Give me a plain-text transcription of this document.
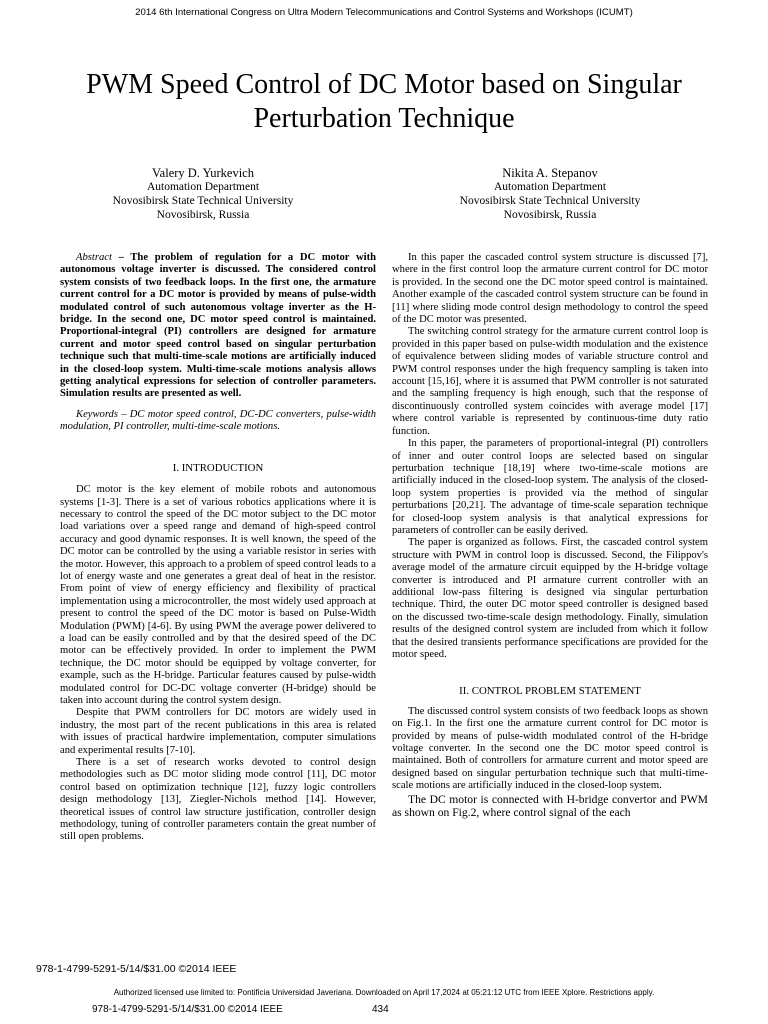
2014 6th International Congress on Ultra Modern Telecommunications and Control Systems and Workshops (ICUMT)
PWM Speed Control of DC Motor based on Singular Perturbation Technique
Valery D. Yurkevich
Automation Department
Novosibirsk State Technical University
Novosibirsk, Russia
Nikita A. Stepanov
Automation Department
Novosibirsk State Technical University
Novosibirsk, Russia

Abstract – The problem of regulation for a DC motor with autonomous voltage inverter is discussed. The considered control system consists of two feedback loops. In the first one, the armature current control for a DC motor is provided by means of pulse-width modulated control of such autonomous voltage inverter as the H-bridge. In the second one, DC motor speed control is maintained. Proportional-integral (PI) controllers are designed for armature current and motor speed control based on singular perturbation technique such that multi-time-scale motions are artificially induced in the closed-loop system. Multi-time-scale motions analysis allows getting analytical expressions for selection of controller parameters. Simulation results are presented as well.

Keywords – DC motor speed control, DC-DC converters, pulse-width modulation, PI controller, multi-time-scale motions.

I. INTRODUCTION

DC motor is the key element of mobile robots and autonomous systems [1-3]. There is a set of various robotics applications where it is necessary to control the speed of the DC motor subject to the DC motor load variations over a speed range and demand of high-speed control accuracy and good dynamic responses. It is well known, the speed of the DC motor can be controlled by the using a variable resistor in series with the motor. However, this approach to a problem of speed control leads to a lot of energy waste and one generates a great deal of heat in the resistor. From point of view of energy efficiency and flexibility of practical implementation using a microcontroller, the most widely used approach at present to control the speed of the DC motor is based on Pulse-Width Modulation (PWM) [4-6]. By using PWM the average power delivered to a load can be easily controlled and by that the desired speed of the DC motor can be effectively provided. In order to implement the PWM technique, the DC motor should be equipped by voltage converter, for example, such as the H-bridge. Particular features caused by pulse-width modulated control for DC-DC voltage converter (H-bridge) should be taken into account during the control system design.

Despite that PWM controllers for DC motors are widely used in industry, the most part of the recent publications in this area is related with issues of practical hardwire implementation, computer simulations and experimental results [7-10].

There is a set of research works devoted to control design methodologies such as DC motor sliding mode control [11], DC motor control based on optimization technique [12], fuzzy logic controllers design methodology [13], Ziegler-Nichols method [14]. However, theoretical issues of control law structure justification, controller design methodology, tuning of controller parameters contain the great number of still open problems.

In this paper the cascaded control system structure is discussed [7], where in the first control loop the armature current control for DC motor is provided. In the second one the DC motor speed control is maintained. Another example of the cascaded control system structure can be found in [11] where sliding mode control design methodology to control the speed of the DC motor was presented.

The switching control strategy for the armature current control loop is provided in this paper based on pulse-width modulation and the existence of equivalence between sliding modes of variable structure control and PWM control responses under the high frequency sampling is taken into account [15,16], where it is assumed that PWM controller is not saturated and the sampling frequency is high enough, such that the response of discontinuously controlled system coincides with average model [17] where control variable is represented by continuous-time duty ratio function.

In this paper, the parameters of proportional-integral (PI) controllers of inner and outer control loops are selected based on singular perturbation technique [18,19] where two-time-scale motions are artificially induced in the closed-loop system. The analysis of the closed-loop system properties is provided via the method of singular perturbations [20,21]. The advantage of time-scale separation technique for closed-loop system analysis is that analytical expressions for parameters of controller can be easily derived.

The paper is organized as follows. First, the cascaded control system structure with PWM in control loop is discussed. Second, the Filippov's average model of the armature circuit equipped by the H-bridge voltage converter is introduced and PI armature current controller with an additional low-pass filtering is designed via singular perturbation technique. Third, the outer DC motor speed controller is designed based on the discussed two-time-scale design methodology. Finally, simulation results of the designed control system are included from which it follow that the desired transients performance specifications are provided for the motor speed.

II. CONTROL PROBLEM STATEMENT

The discussed control system consists of two feedback loops as shown on Fig.1. In the first one the armature current control for DC motor is provided by means of pulse-width modulated control of the H-bridge voltage converter. In the second one the DC motor speed control is maintained. Both of controllers for armature current and motor speed are designed based on singular perturbation technique such that multi-time-scale motions are artificially induced in the closed-loop system.

The DC motor is connected with H-bridge convertor and PWM as shown on Fig.2, where control signal of the each

978-1-4799-5291-5/14/$31.00 ©2014 IEEE
Authorized licensed use limited to: Pontificia Universidad Javeriana. Downloaded on April 17,2024 at 05:21:12 UTC from IEEE Xplore. Restrictions apply.
978-1-4799-5291-5/14/$31.00 ©2014 IEEE	434
